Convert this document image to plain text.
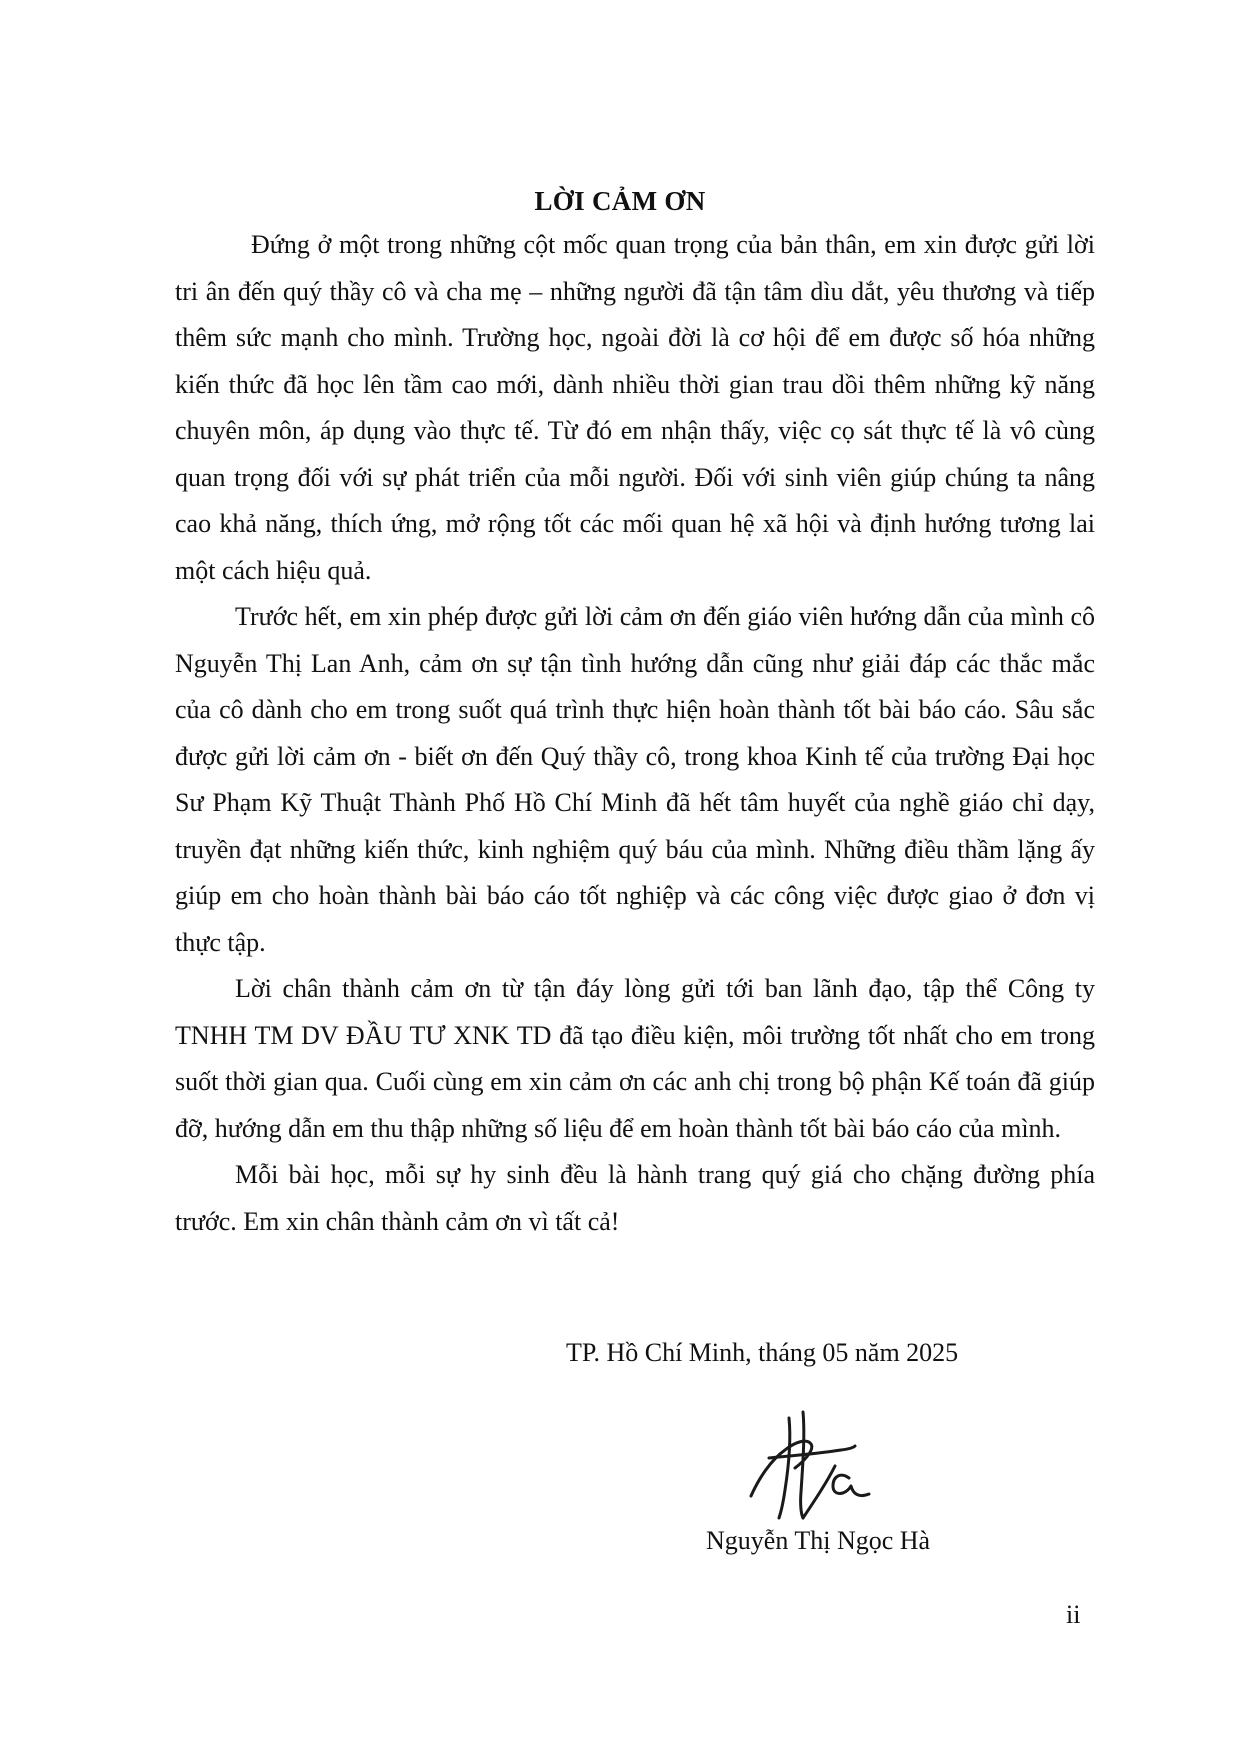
LỜI CẢM ƠN

Đứng ở một trong những cột mốc quan trọng của bản thân, em xin được gửi lời tri ân đến quý thầy cô và cha mẹ – những người đã tận tâm dìu dắt, yêu thương và tiếp thêm sức mạnh cho mình. Trường học, ngoài đời là cơ hội để em được số hóa những kiến thức đã học lên tầm cao mới, dành nhiều thời gian trau dồi thêm những kỹ năng chuyên môn, áp dụng vào thực tế. Từ đó em nhận thấy, việc cọ sát thực tế là vô cùng quan trọng đối với sự phát triển của mỗi người. Đối với sinh viên giúp chúng ta nâng cao khả năng, thích ứng, mở rộng tốt các mối quan hệ xã hội và định hướng tương lai một cách hiệu quả.

Trước hết, em xin phép được gửi lời cảm ơn đến giáo viên hướng dẫn của mình cô Nguyễn Thị Lan Anh, cảm ơn sự tận tình hướng dẫn cũng như giải đáp các thắc mắc của cô dành cho em trong suốt quá trình thực hiện hoàn thành tốt bài báo cáo. Sâu sắc được gửi lời cảm ơn - biết ơn đến Quý thầy cô, trong khoa Kinh tế của trường Đại học Sư Phạm Kỹ Thuật Thành Phố Hồ Chí Minh đã hết tâm huyết của nghề giáo chỉ dạy, truyền đạt những kiến thức, kinh nghiệm quý báu của mình. Những điều thầm lặng ấy giúp em cho hoàn thành bài báo cáo tốt nghiệp và các công việc được giao ở đơn vị thực tập.

Lời chân thành cảm ơn từ tận đáy lòng gửi tới ban lãnh đạo, tập thể Công ty TNHH TM DV ĐẦU TƯ XNK TD đã tạo điều kiện, môi trường tốt nhất cho em trong suốt thời gian qua. Cuối cùng em xin cảm ơn các anh chị trong bộ phận Kế toán đã giúp đỡ, hướng dẫn em thu thập những số liệu để em hoàn thành tốt bài báo cáo của mình.

Mỗi bài học, mỗi sự hy sinh đều là hành trang quý giá cho chặng đường phía trước. Em xin chân thành cảm ơn vì tất cả!

TP. Hồ Chí Minh, tháng 05 năm 2025
Nguyễn Thị Ngọc Hà
ii
